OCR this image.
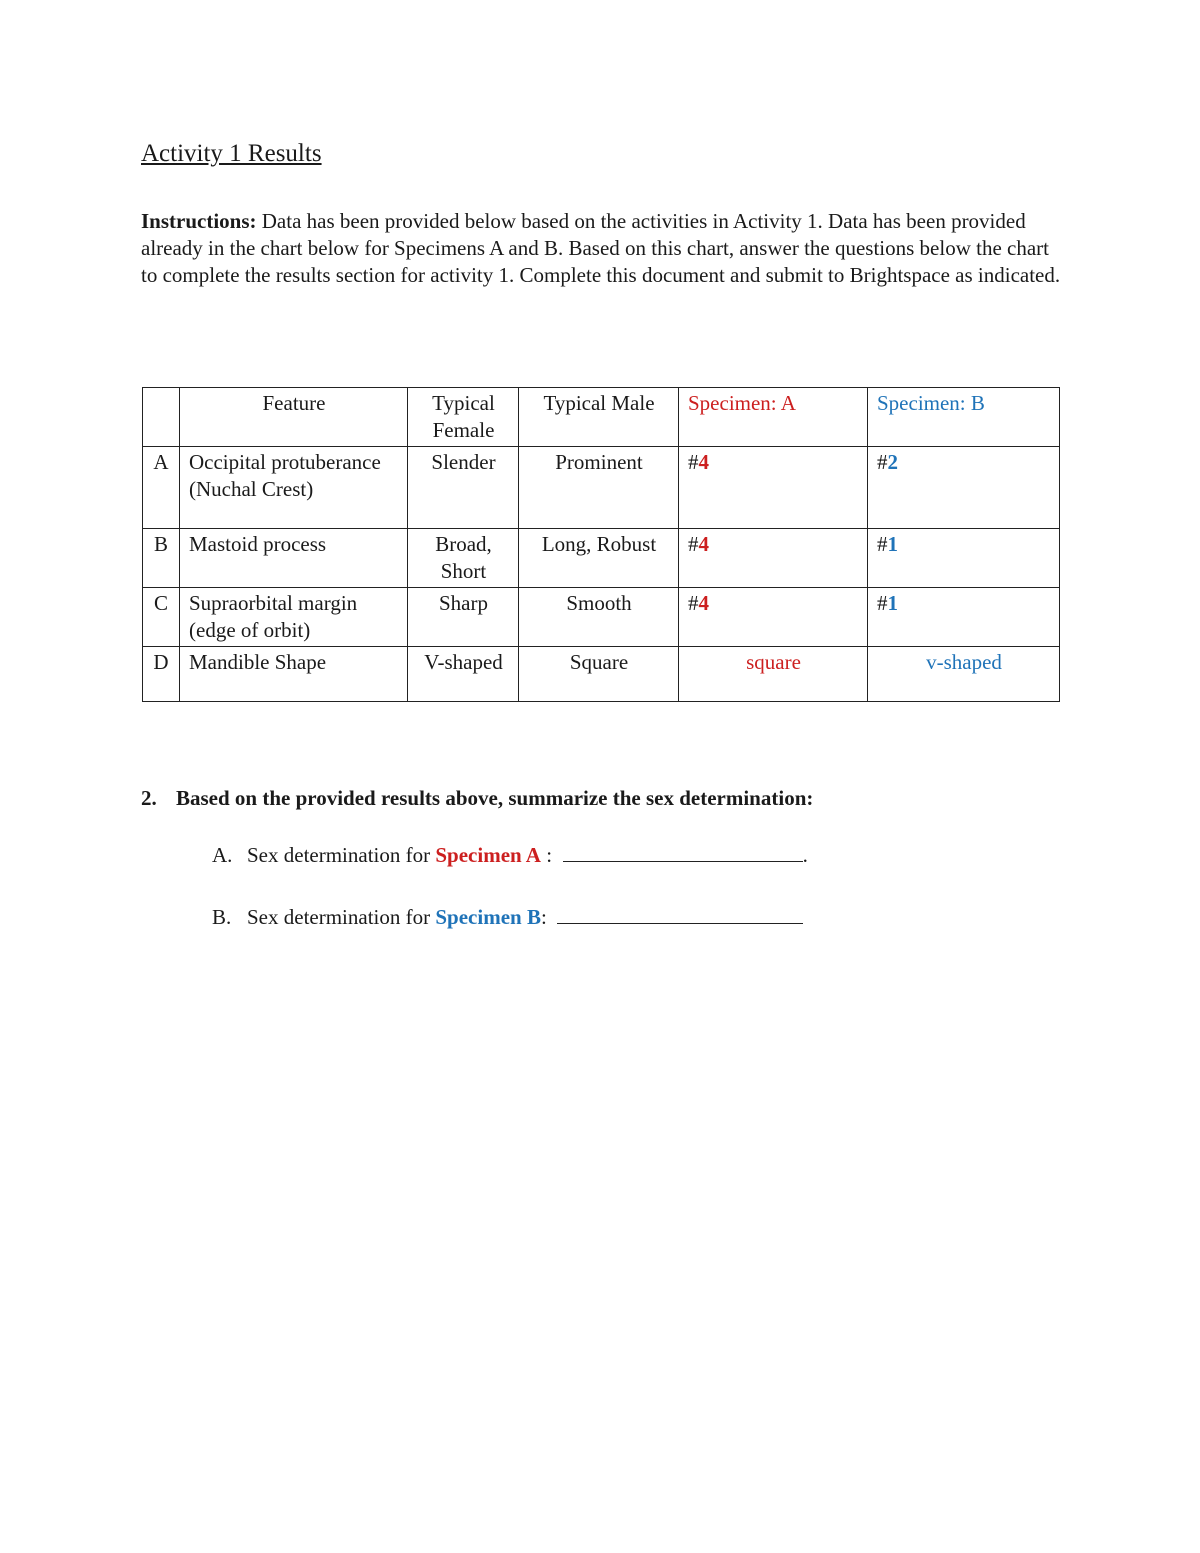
Activity 1 Results

Instructions: Data has been provided below based on the activities in Activity 1. Data has been provided already in the chart below for Specimens A and B. Based on this chart, answer the questions below the chart to complete the results section for activity 1. Complete this document and submit to Brightspace as indicated.

	Feature	Typical Female	Typical Male	Specimen: A	Specimen: B
A	Occipital protuberance (Nuchal Crest)	Slender	Prominent	#4	#2
B	Mastoid process	Broad, Short	Long, Robust	#4	#1
C	Supraorbital margin (edge of orbit)	Sharp	Smooth	#4	#1
D	Mandible Shape	V-shaped	Square	square	v-shaped

2. Based on the provided results above, summarize the sex determination:

A. Sex determination for Specimen A :	.
B. Sex determination for Specimen B:
